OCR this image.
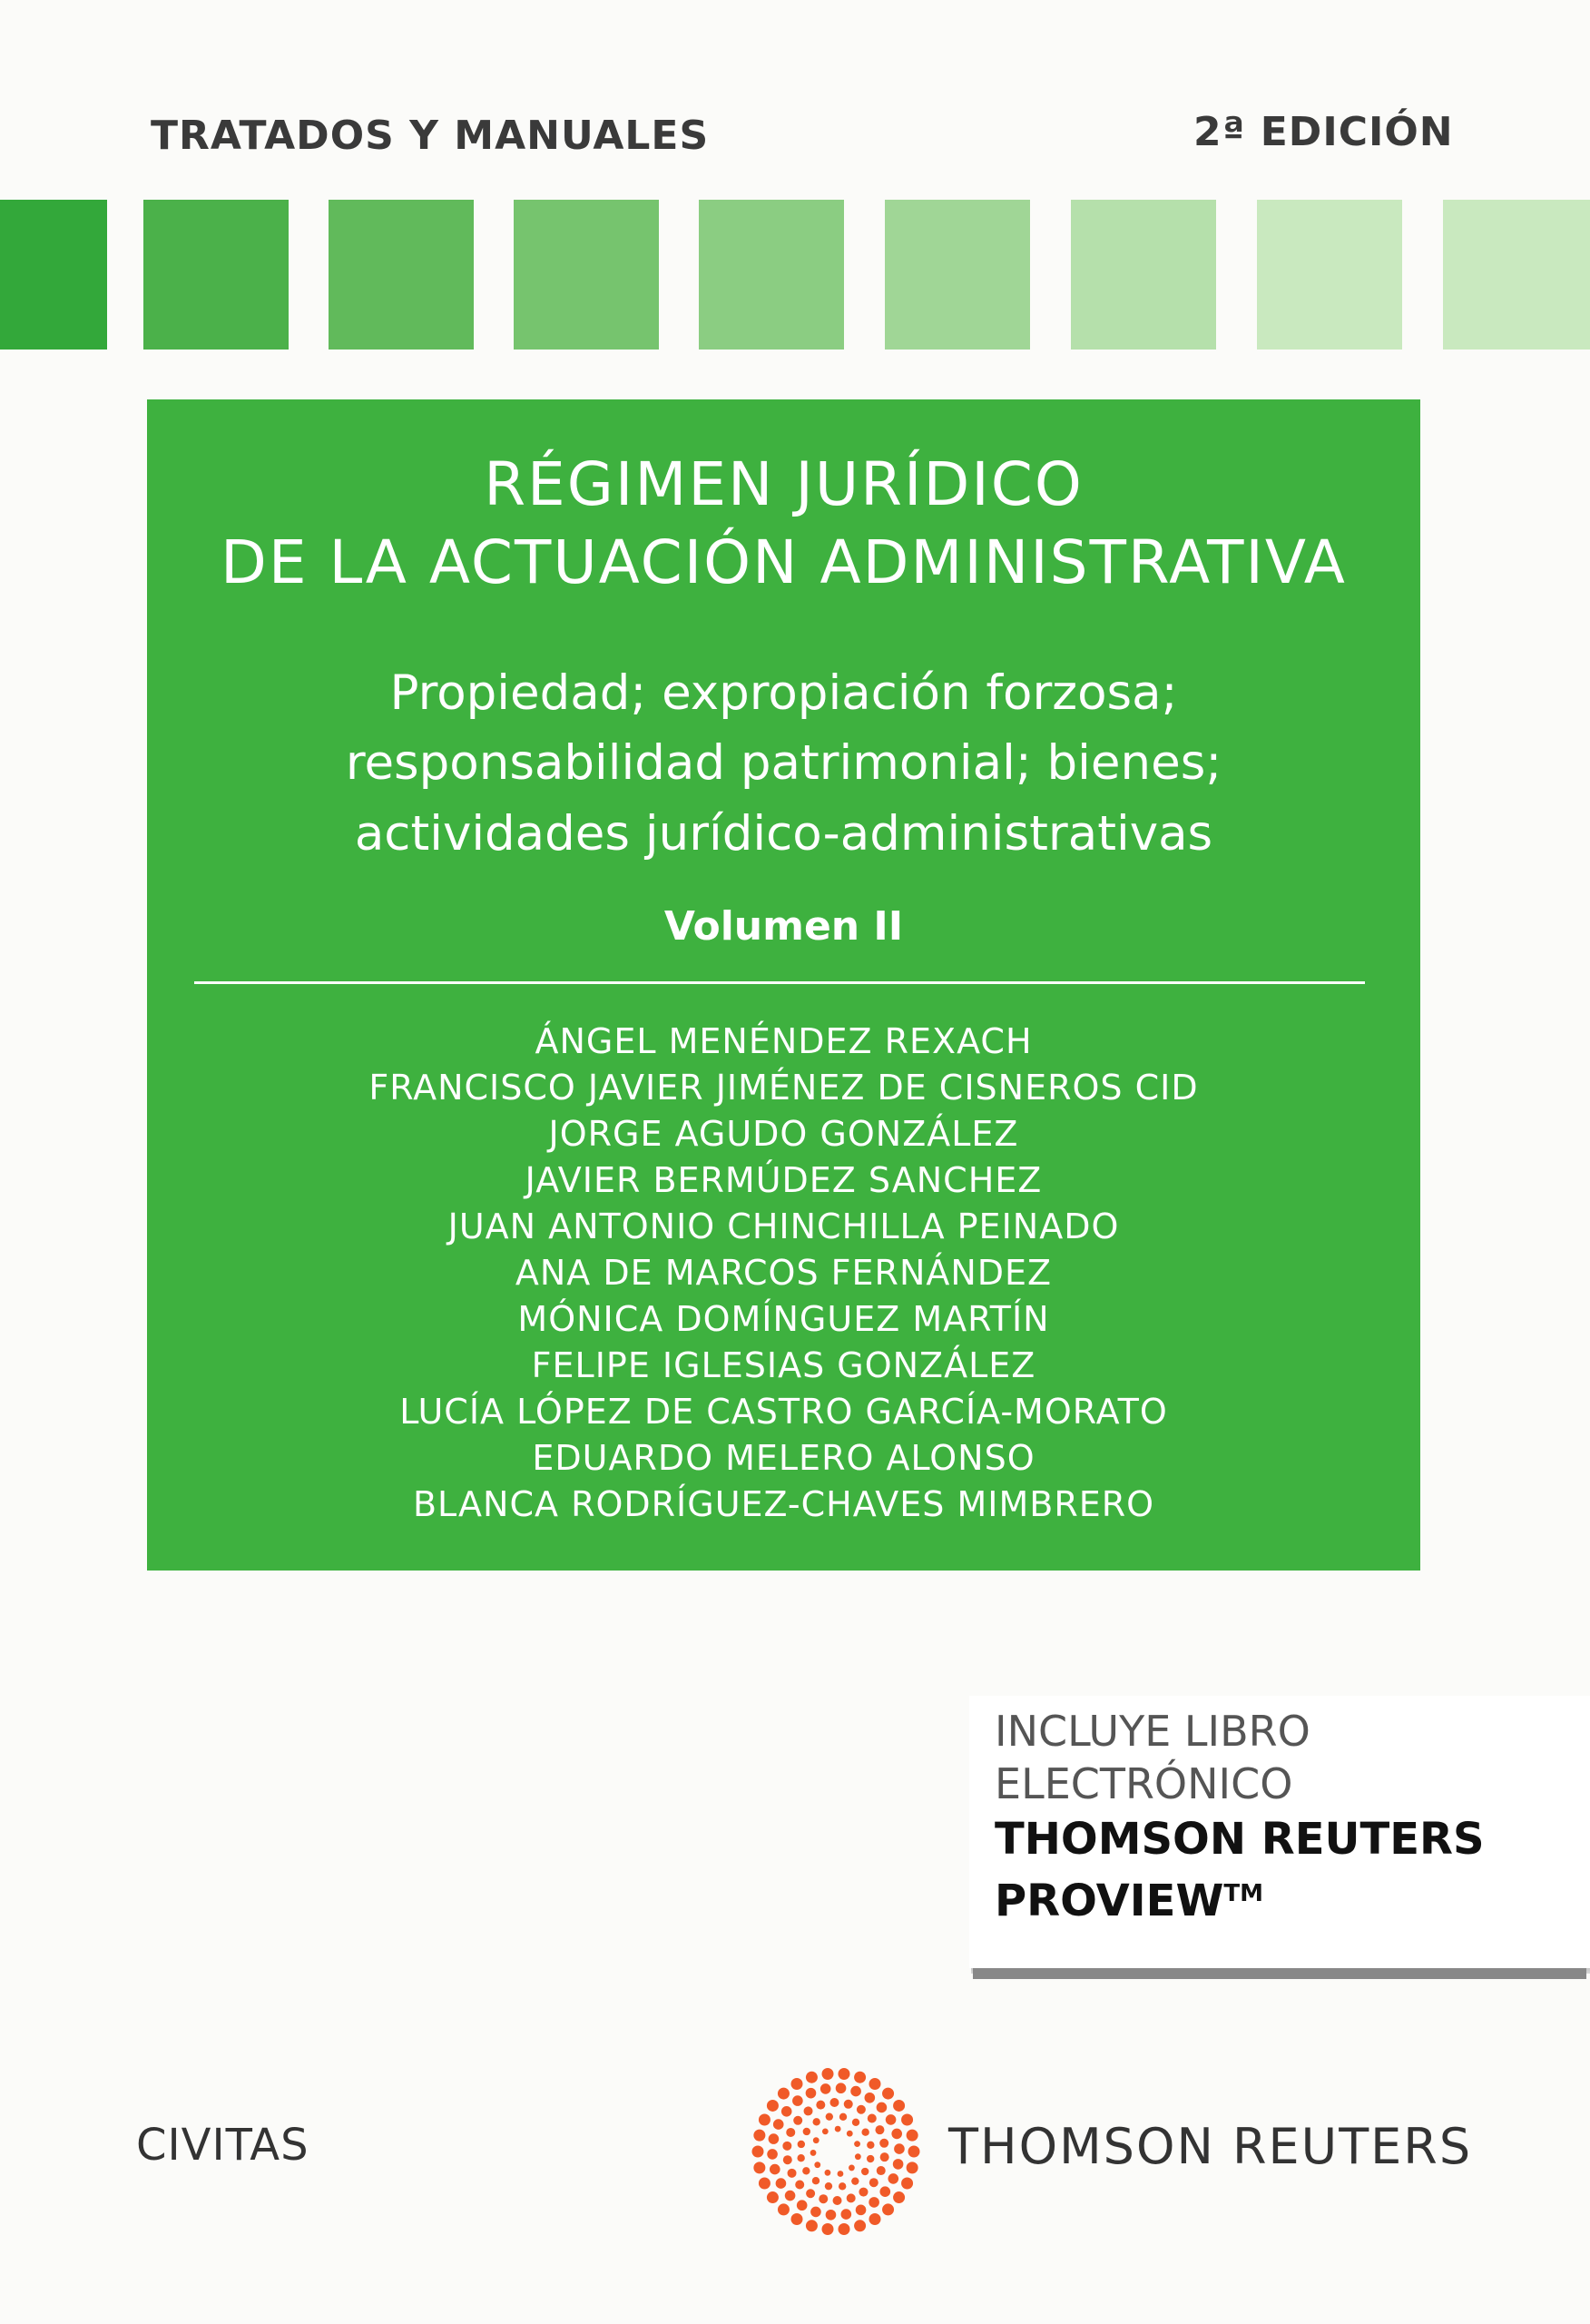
TRATADOS Y MANUALES	2ª EDICIÓN
RÉGIMEN JURÍDICO
DE LA ACTUACIÓN ADMINISTRATIVA
Propiedad; expropiación forzosa;
responsabilidad patrimonial; bienes;
actividades jurídico-administrativas
Volumen II
ÁNGEL MENÉNDEZ REXACH
FRANCISCO JAVIER JIMÉNEZ DE CISNEROS CID
JORGE AGUDO GONZÁLEZ
JAVIER BERMÚDEZ SANCHEZ
JUAN ANTONIO CHINCHILLA PEINADO
ANA DE MARCOS FERNÁNDEZ
MÓNICA DOMÍNGUEZ MARTÍN
FELIPE IGLESIAS GONZÁLEZ
LUCÍA LÓPEZ DE CASTRO GARCÍA-MORATO
EDUARDO MELERO ALONSO
BLANCA RODRÍGUEZ-CHAVES MIMBRERO
INCLUYE LIBRO
ELECTRÓNICO
THOMSON REUTERS
PROVIEW™
CIVITAS	THOMSON REUTERS
